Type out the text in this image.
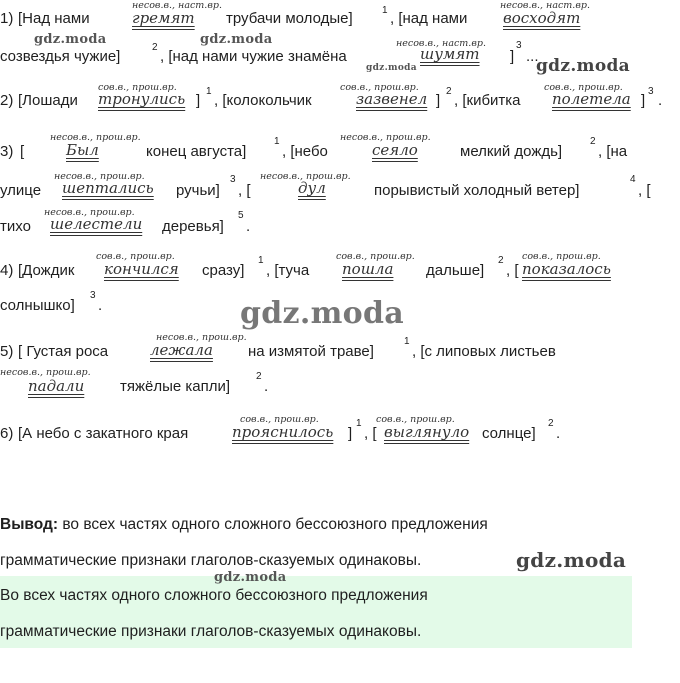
1) [Над нами
несов.в., наст.вр.
гремят трубачи молодые]	1 , [над нами
несов.в., наст.вр.
восходят
созвездья чужие]
2
, [над нами чужие знамёна
несов.в., наст.вр.
шумят ]
3
...
2) [Лошади
сов.в., прош.вр.
тронулись ]
1
, [колокольчик
сов.в., прош.вр.
зазвенел ]
2
, [кибитка
сов.в., прош.вр.
полетела ]
3
.
3) [
несов.в., прош.вр.
Был	конец августа]
1
, [небо
несов.в., прош.вр.
сеяло	мелкий дождь]
2
, [на
улице
несов.в., прош.вр.
шептались ручьи]
3
, [
несов.в., прош.вр.
дул	порывистый холодный ветер]
4
, [
тихо
несов.в., прош.вр.
шелестели деревья]
5
.
4) [Дождик
сов.в., прош.вр.
кончился сразу]
1
, [туча
сов.в., прош.вр.
пошла дальше]
2
, [
сов.в., прош.вр.
показалось
солнышко]
3
.
5) [ Густая роса
несов.в., прош.вр.
лежала на измятой траве]
1
, [с липовых листьев
несов.в., прош.вр.
падали тяжёлые капли]
2
.
6) [А небо с закатного края
сов.в., прош.вр.
прояснилось ]
1
, [
сов.в., прош.вр.
выглянуло солнце]
2
.
Вывод: во всех частях одного сложного бессоюзного предложения
грамматические признаки глаголов-сказуемых одинаковы.
Во всех частях одного сложного бессоюзного предложения
грамматические признаки глаголов-сказуемых одинаковы.
gdz.moda	gdz.moda
gdz.moda	gdz.moda
gdz.moda
gdz.moda
gdz.moda
